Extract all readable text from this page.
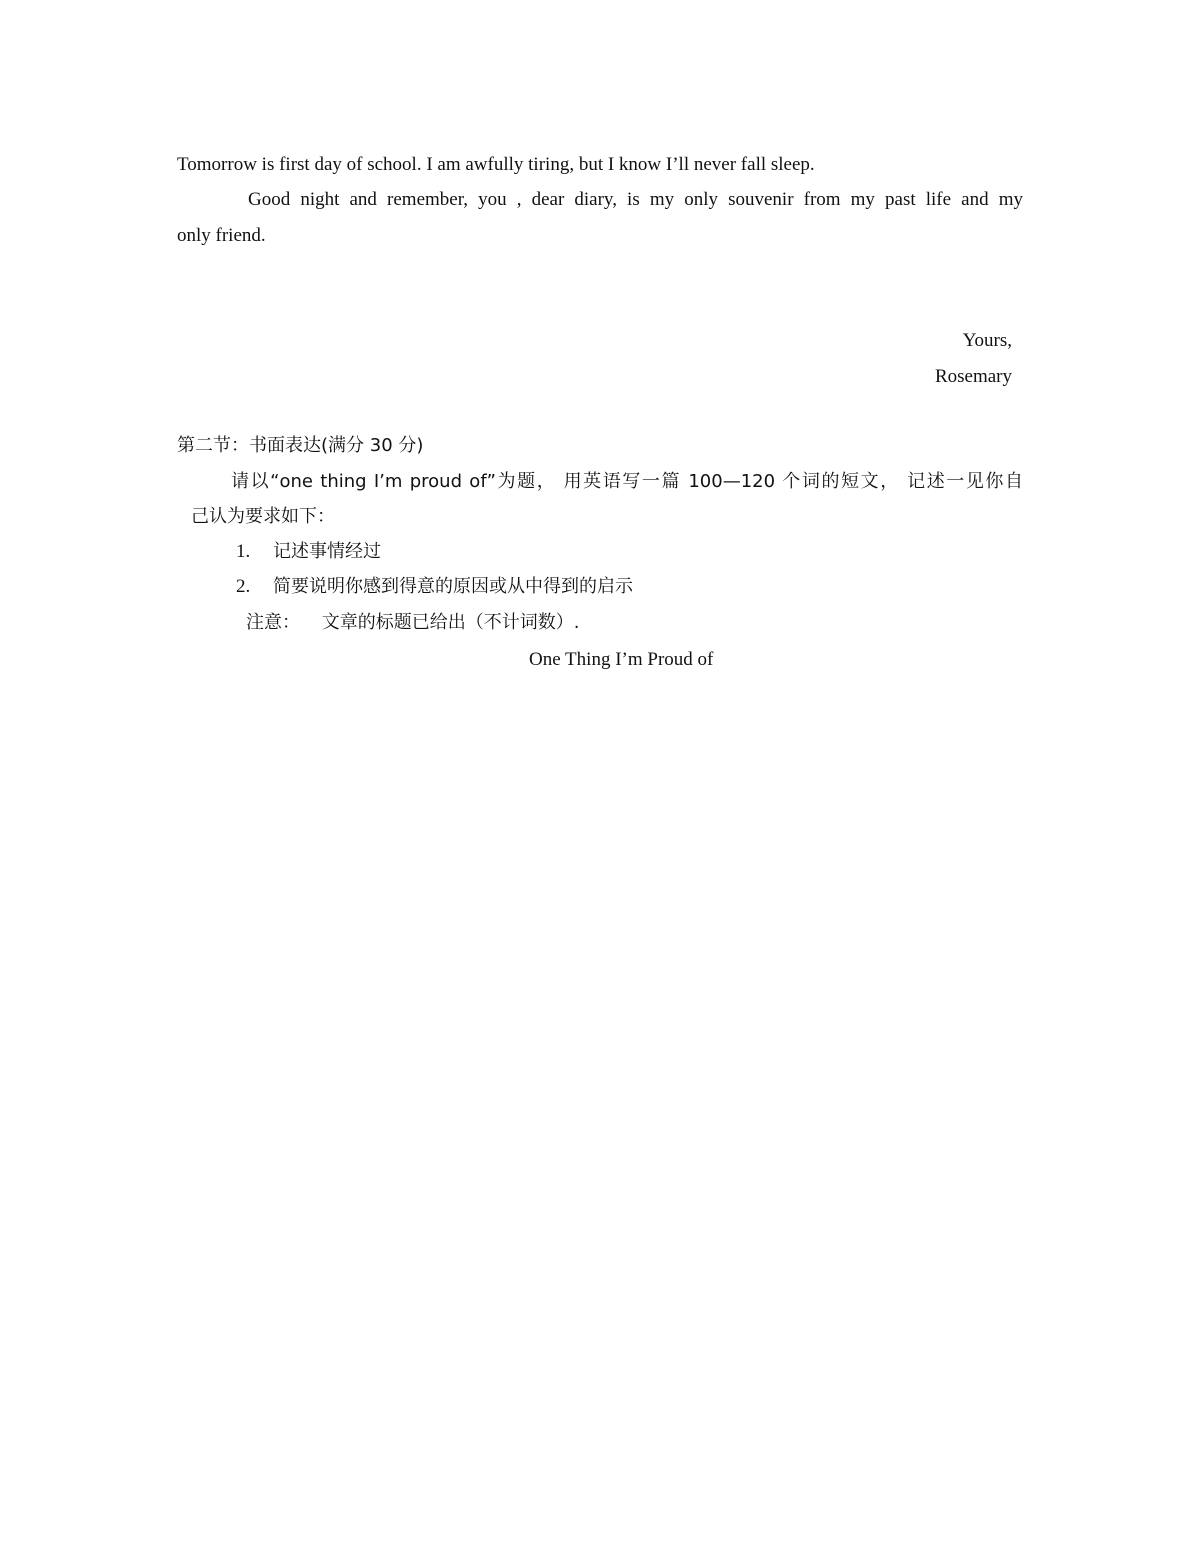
Tomorrow is first day of school. I am awfully tiring, but I know I’ll never fall sleep.
Good night and remember, you , dear diary, is my only souvenir from my past life and my
only friend.
Yours,
Rosemary
第二节：书面表达(满分 30 分)
请以“one thing I’m proud of”为题， 用英语写一篇 100—120 个词的短文， 记述一见你自
己认为要求如下：
1. 记述事情经过
2. 简要说明你感到得意的原因或从中得到的启示
注意： 文章的标题已给出（不计词数）.
One Thing I’m Proud of
